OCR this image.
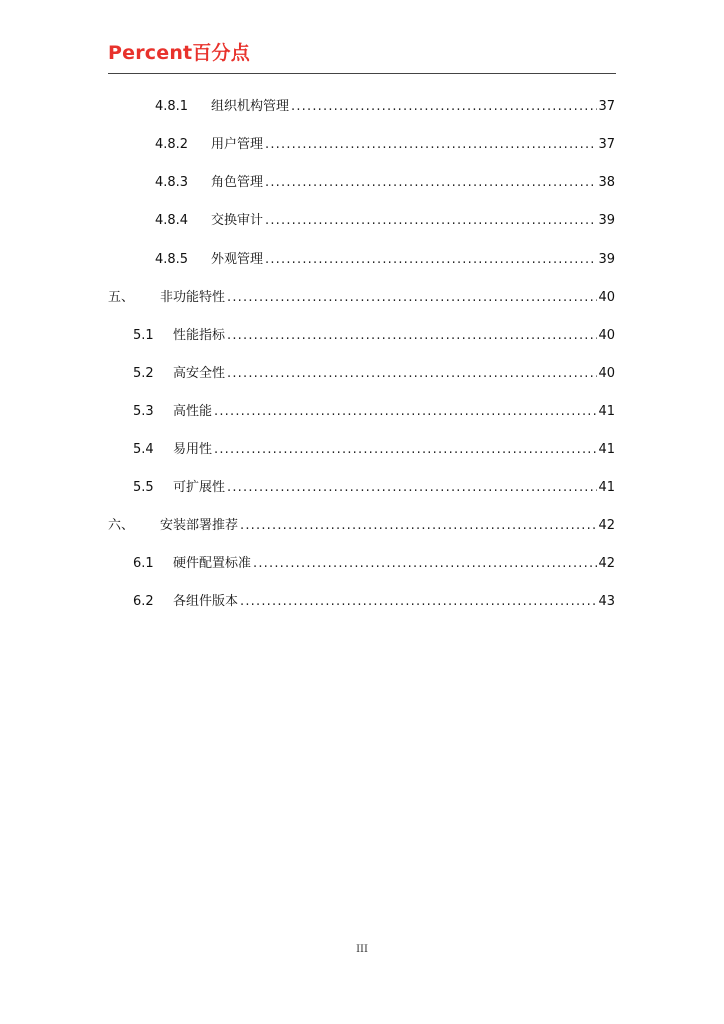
Percent百分点
4.8.1 组织机构管理 .....	37
4.8.2 用户管理 .....	37
4.8.3 角色管理 .....	38
4.8.4 交换审计 .....	39
4.8.5 外观管理 .....	39
五、 非功能特性 .....	40
5.1 性能指标 .....	40
5.2 高安全性 .....	40
5.3 高性能 .....	41
5.4 易用性 .....	41
5.5 可扩展性 .....	41
六、 安装部署推荐 .....	42
6.1 硬件配置标准 .....	42
6.2 各组件版本 .....	43
III
